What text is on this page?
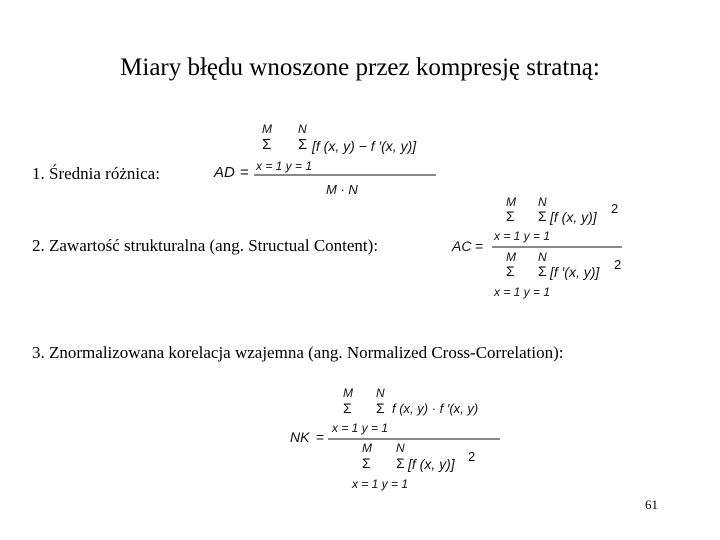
Miary błędu wnoszone przez kompresję stratną:
1. Średnia różnica:	AD =
M N
Σ Σ [f (x, y) − f ′(x, y)]
x = 1 y = 1
M · N
2. Zawartość strukturalna (ang. Structual Content):	AC =
M N
Σ Σ [f (x, y)]
2
x = 1 y = 1
M N
Σ Σ [f ′(x, y)] 2
x = 1 y = 1
3. Znormalizowana korelacja wzajemna (ang. Normalized Cross-Correlation):
NK =
M N
Σ Σ f (x, y) · f ′(x, y)
x = 1 y = 1
M N
Σ Σ [f (x, y)] 2
x = 1 y = 1
61
